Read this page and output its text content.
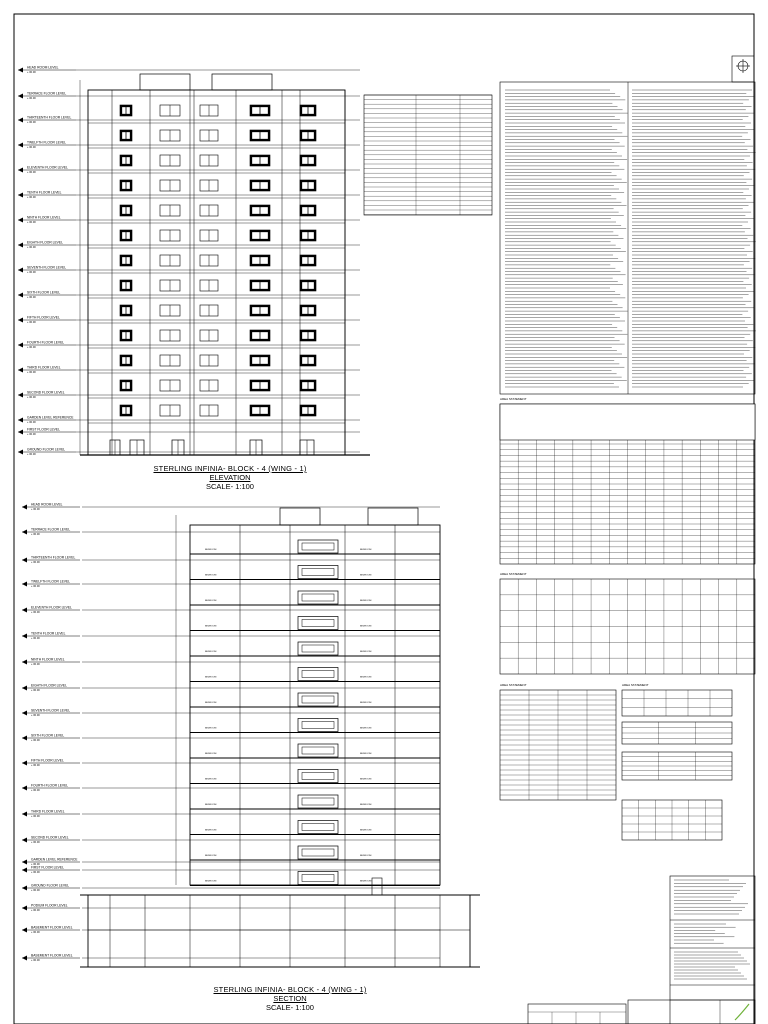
HEAD ROOM LEVEL
+ 00.00
TERRACE FLOOR LEVEL
+ 00.00
THIRTEENTH FLOOR LEVEL
+ 00.00
TWELFTH FLOOR LEVEL
+ 00.00
ELEVENTH FLOOR LEVEL
+ 00.00
TENTH FLOOR LEVEL
+ 00.00
NINTH FLOOR LEVEL
+ 00.00
EIGHTH FLOOR LEVEL
+ 00.00
SEVENTH FLOOR LEVEL
+ 00.00
SIXTH FLOOR LEVEL
+ 00.00
FIFTH FLOOR LEVEL
+ 00.00
FOURTH FLOOR LEVEL
+ 00.00
THIRD FLOOR LEVEL
+ 00.00
SECOND FLOOR LEVEL
+ 00.00
GARDEN LEVEL REFERENCE
+ 00.00
FIRST FLOOR LEVEL
+ 00.00
GROUND FLOOR LEVEL
+ 00.00
HEAD ROOM LEVEL
+ 00.00
TERRACE FLOOR LEVEL
+ 00.00
THIRTEENTH FLOOR LEVEL
+ 00.00
TWELFTH FLOOR LEVEL
+ 00.00
ELEVENTH FLOOR LEVEL
+ 00.00
TENTH FLOOR LEVEL
+ 00.00
NINTH FLOOR LEVEL
+ 00.00
EIGHTH FLOOR LEVEL
+ 00.00
SEVENTH FLOOR LEVEL
+ 00.00
SIXTH FLOOR LEVEL
+ 00.00
FIFTH FLOOR LEVEL
+ 00.00
FOURTH FLOOR LEVEL
+ 00.00
THIRD FLOOR LEVEL
+ 00.00
SECOND FLOOR LEVEL
+ 00.00
GARDEN LEVEL REFERENCE
+ 00.00
FIRST FLOOR LEVEL
+ 00.00
GROUND FLOOR LEVEL
+ 00.00
PODIUM FLOOR LEVEL
+ 00.00
BASEMENT FLOOR LEVEL
+ 00.00
BASEMENT FLOOR LEVEL
+ 00.00
BEDROOM	BEDROOM
BEDROOM	BEDROOM
BEDROOM	BEDROOM
BEDROOM	BEDROOM
BEDROOM	BEDROOM
BEDROOM	BEDROOM
BEDROOM	BEDROOM
BEDROOM	BEDROOM
BEDROOM	BEDROOM
BEDROOM	BEDROOM
BEDROOM	BEDROOM
BEDROOM	BEDROOM
BEDROOM	BEDROOM
BEDROOM	BEDROOM
AREA STATEMENT
AREA STATEMENT
AREA STATEMENT	AREA STATEMENT
STERLING INFINIA- BLOCK - 4 (WING - 1)
ELEVATION
SCALE- 1:100
STERLING INFINIA- BLOCK - 4 (WING - 1)
SECTION
SCALE- 1:100
